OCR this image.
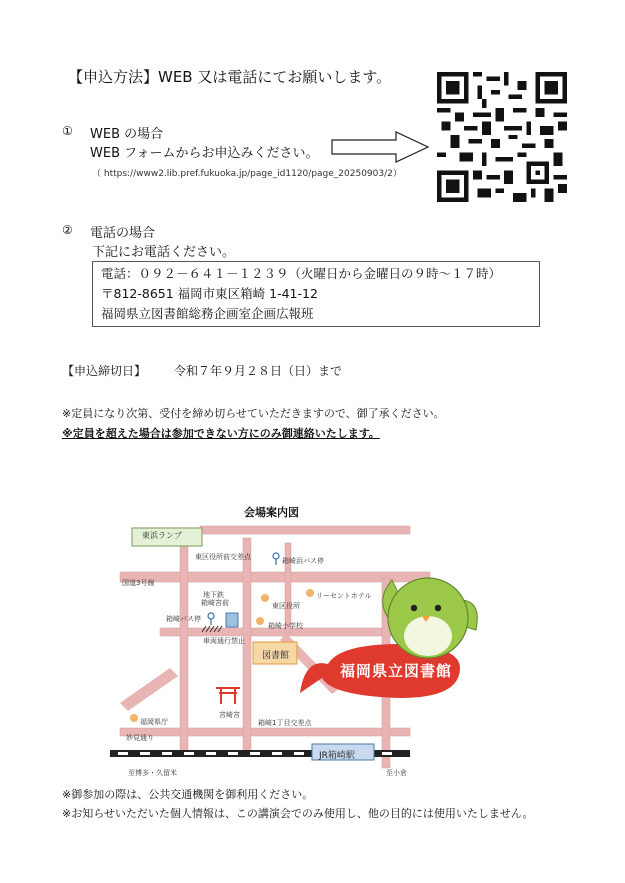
【申込方法】WEB 又は電話にてお願いします。
① WEB の場合
WEB フォームからお申込みください。
（ https://www2.lib.pref.fukuoka.jp/page_id1120/page_20250903/2）
② 電話の場合
下記にお電話ください。
電話：０９２－６４１－１２３９（火曜日から金曜日の９時～１７時）
〒812-8651 福岡市東区箱崎 1-41-12
福岡県立図書館総務企画室企画広報班
【申込締切日】 令和７年９月２８日（日）まで
※定員になり次第、受付を締め切らせていただきますので、御了承ください。
※定員を超えた場合は参加できない方にのみ御連絡いたします。
会場案内図
東浜ランプ
東区役所前交差点	箱崎浜バス停
国道3号線
地下鉄
箱崎宮前	東区役所
リーセントホテル
箱崎バス停
箱崎小学校
車両通行禁止
図書館
福岡県立図書館
宮崎宮
福岡県庁	箱崎1丁目交差点
妙見通り
JR箱崎駅
至博多・久留米	至小倉
※御参加の際は、公共交通機関を御利用ください。
※お知らせいただいた個人情報は、この講演会でのみ使用し、他の目的には使用いたしません。
